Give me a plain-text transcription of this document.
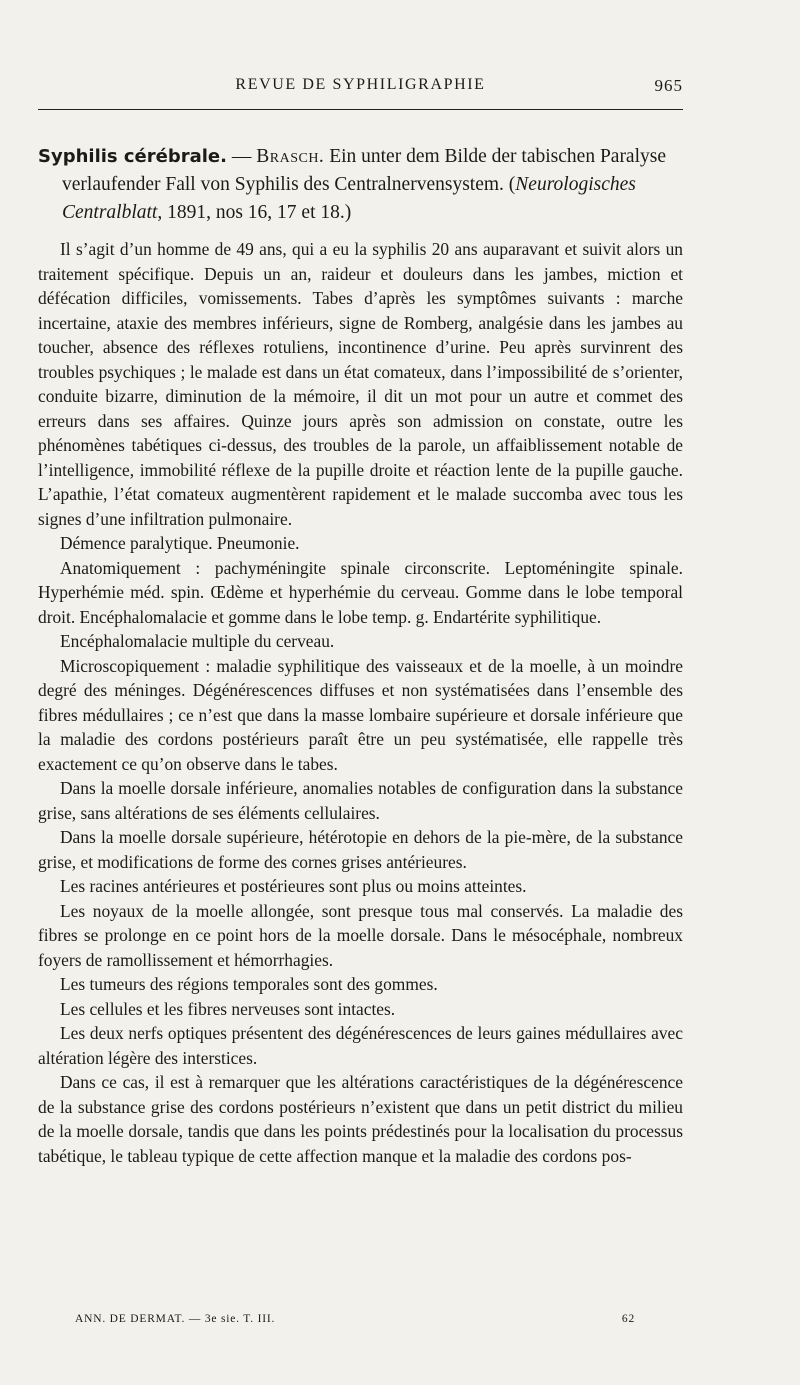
REVUE DE SYPHILIGRAPHIE	965

Syphilis cérébrale. — Brasch. Ein unter dem Bilde der tabischen Paralyse verlaufender Fall von Syphilis des Centralnervensystem. (Neurologisches Centralblatt, 1891, nos 16, 17 et 18.)

Il s’agit d’un homme de 49 ans, qui a eu la syphilis 20 ans auparavant et suivit alors un traitement spécifique. Depuis un an, raideur et douleurs dans les jambes, miction et défécation difficiles, vomissements. Tabes d’après les symptômes suivants : marche incertaine, ataxie des membres inférieurs, signe de Romberg, analgésie dans les jambes au toucher, absence des réflexes rotuliens, incontinence d’urine. Peu après survinrent des troubles psychiques ; le malade est dans un état comateux, dans l’impossibilité de s’orienter, conduite bizarre, diminution de la mémoire, il dit un mot pour un autre et commet des erreurs dans ses affaires. Quinze jours après son admission on constate, outre les phénomènes tabétiques ci-dessus, des troubles de la parole, un affaiblissement notable de l’intelligence, immobilité réflexe de la pupille droite et réaction lente de la pupille gauche. L’apathie, l’état comateux augmentèrent rapidement et le malade succomba avec tous les signes d’une infiltration pulmonaire.

Démence paralytique. Pneumonie.

Anatomiquement : pachyméningite spinale circonscrite. Leptoméningite spinale. Hyperhémie méd. spin. Œdème et hyperhémie du cerveau. Gomme dans le lobe temporal droit. Encéphalomalacie et gomme dans le lobe temp. g. Endartérite syphilitique.

Encéphalomalacie multiple du cerveau.

Microscopiquement : maladie syphilitique des vaisseaux et de la moelle, à un moindre degré des méninges. Dégénérescences diffuses et non systématisées dans l’ensemble des fibres médullaires ; ce n’est que dans la masse lombaire supérieure et dorsale inférieure que la maladie des cordons postérieurs paraît être un peu systématisée, elle rappelle très exactement ce qu’on observe dans le tabes.

Dans la moelle dorsale inférieure, anomalies notables de configuration dans la substance grise, sans altérations de ses éléments cellulaires.

Dans la moelle dorsale supérieure, hétérotopie en dehors de la pie-mère, de la substance grise, et modifications de forme des cornes grises antérieures.

Les racines antérieures et postérieures sont plus ou moins atteintes.

Les noyaux de la moelle allongée, sont presque tous mal conservés. La maladie des fibres se prolonge en ce point hors de la moelle dorsale. Dans le mésocéphale, nombreux foyers de ramollissement et hémorrhagies.

Les tumeurs des régions temporales sont des gommes.

Les cellules et les fibres nerveuses sont intactes.

Les deux nerfs optiques présentent des dégénérescences de leurs gaines médullaires avec altération légère des interstices.

Dans ce cas, il est à remarquer que les altérations caractéristiques de la dégénérescence de la substance grise des cordons postérieurs n’existent que dans un petit district du milieu de la moelle dorsale, tandis que dans les points prédestinés pour la localisation du processus tabétique, le tableau typique de cette affection manque et la maladie des cordons pos-

ANN. DE DERMAT. — 3e sie. T. III.	62
